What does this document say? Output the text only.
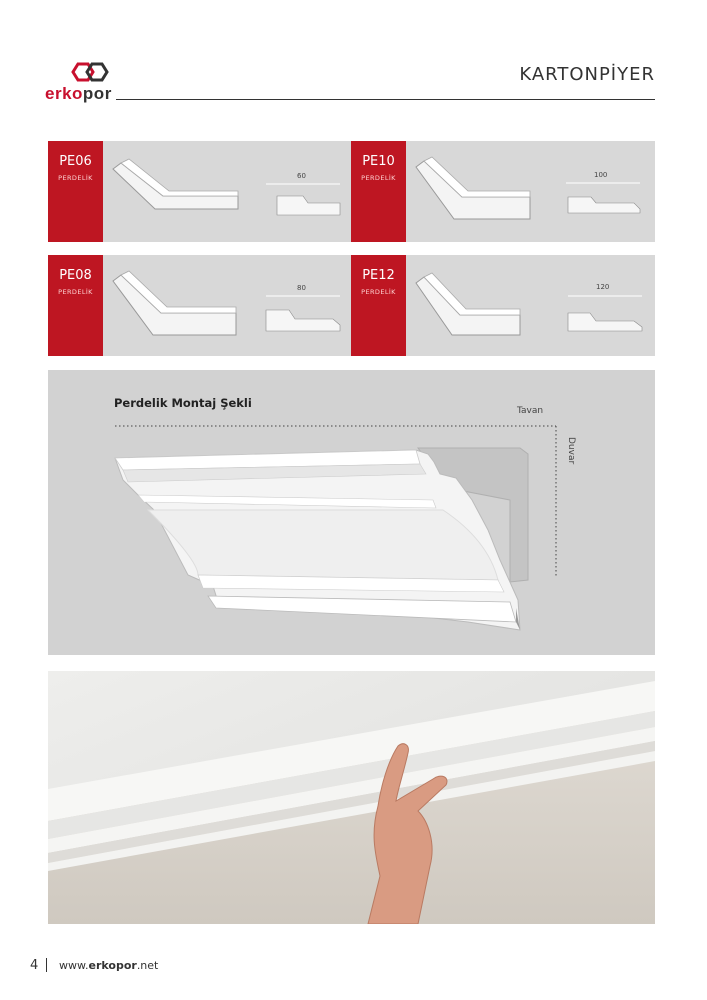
erkopor
KARTONPİYER
PE06
PERDELİK	60
PE10
PERDELİK	100
PE08
PERDELİK	80
PE12
PERDELİK
120
Perdelik Montaj Şekli
Tavan
Duvar
4 www.erkopor.net
